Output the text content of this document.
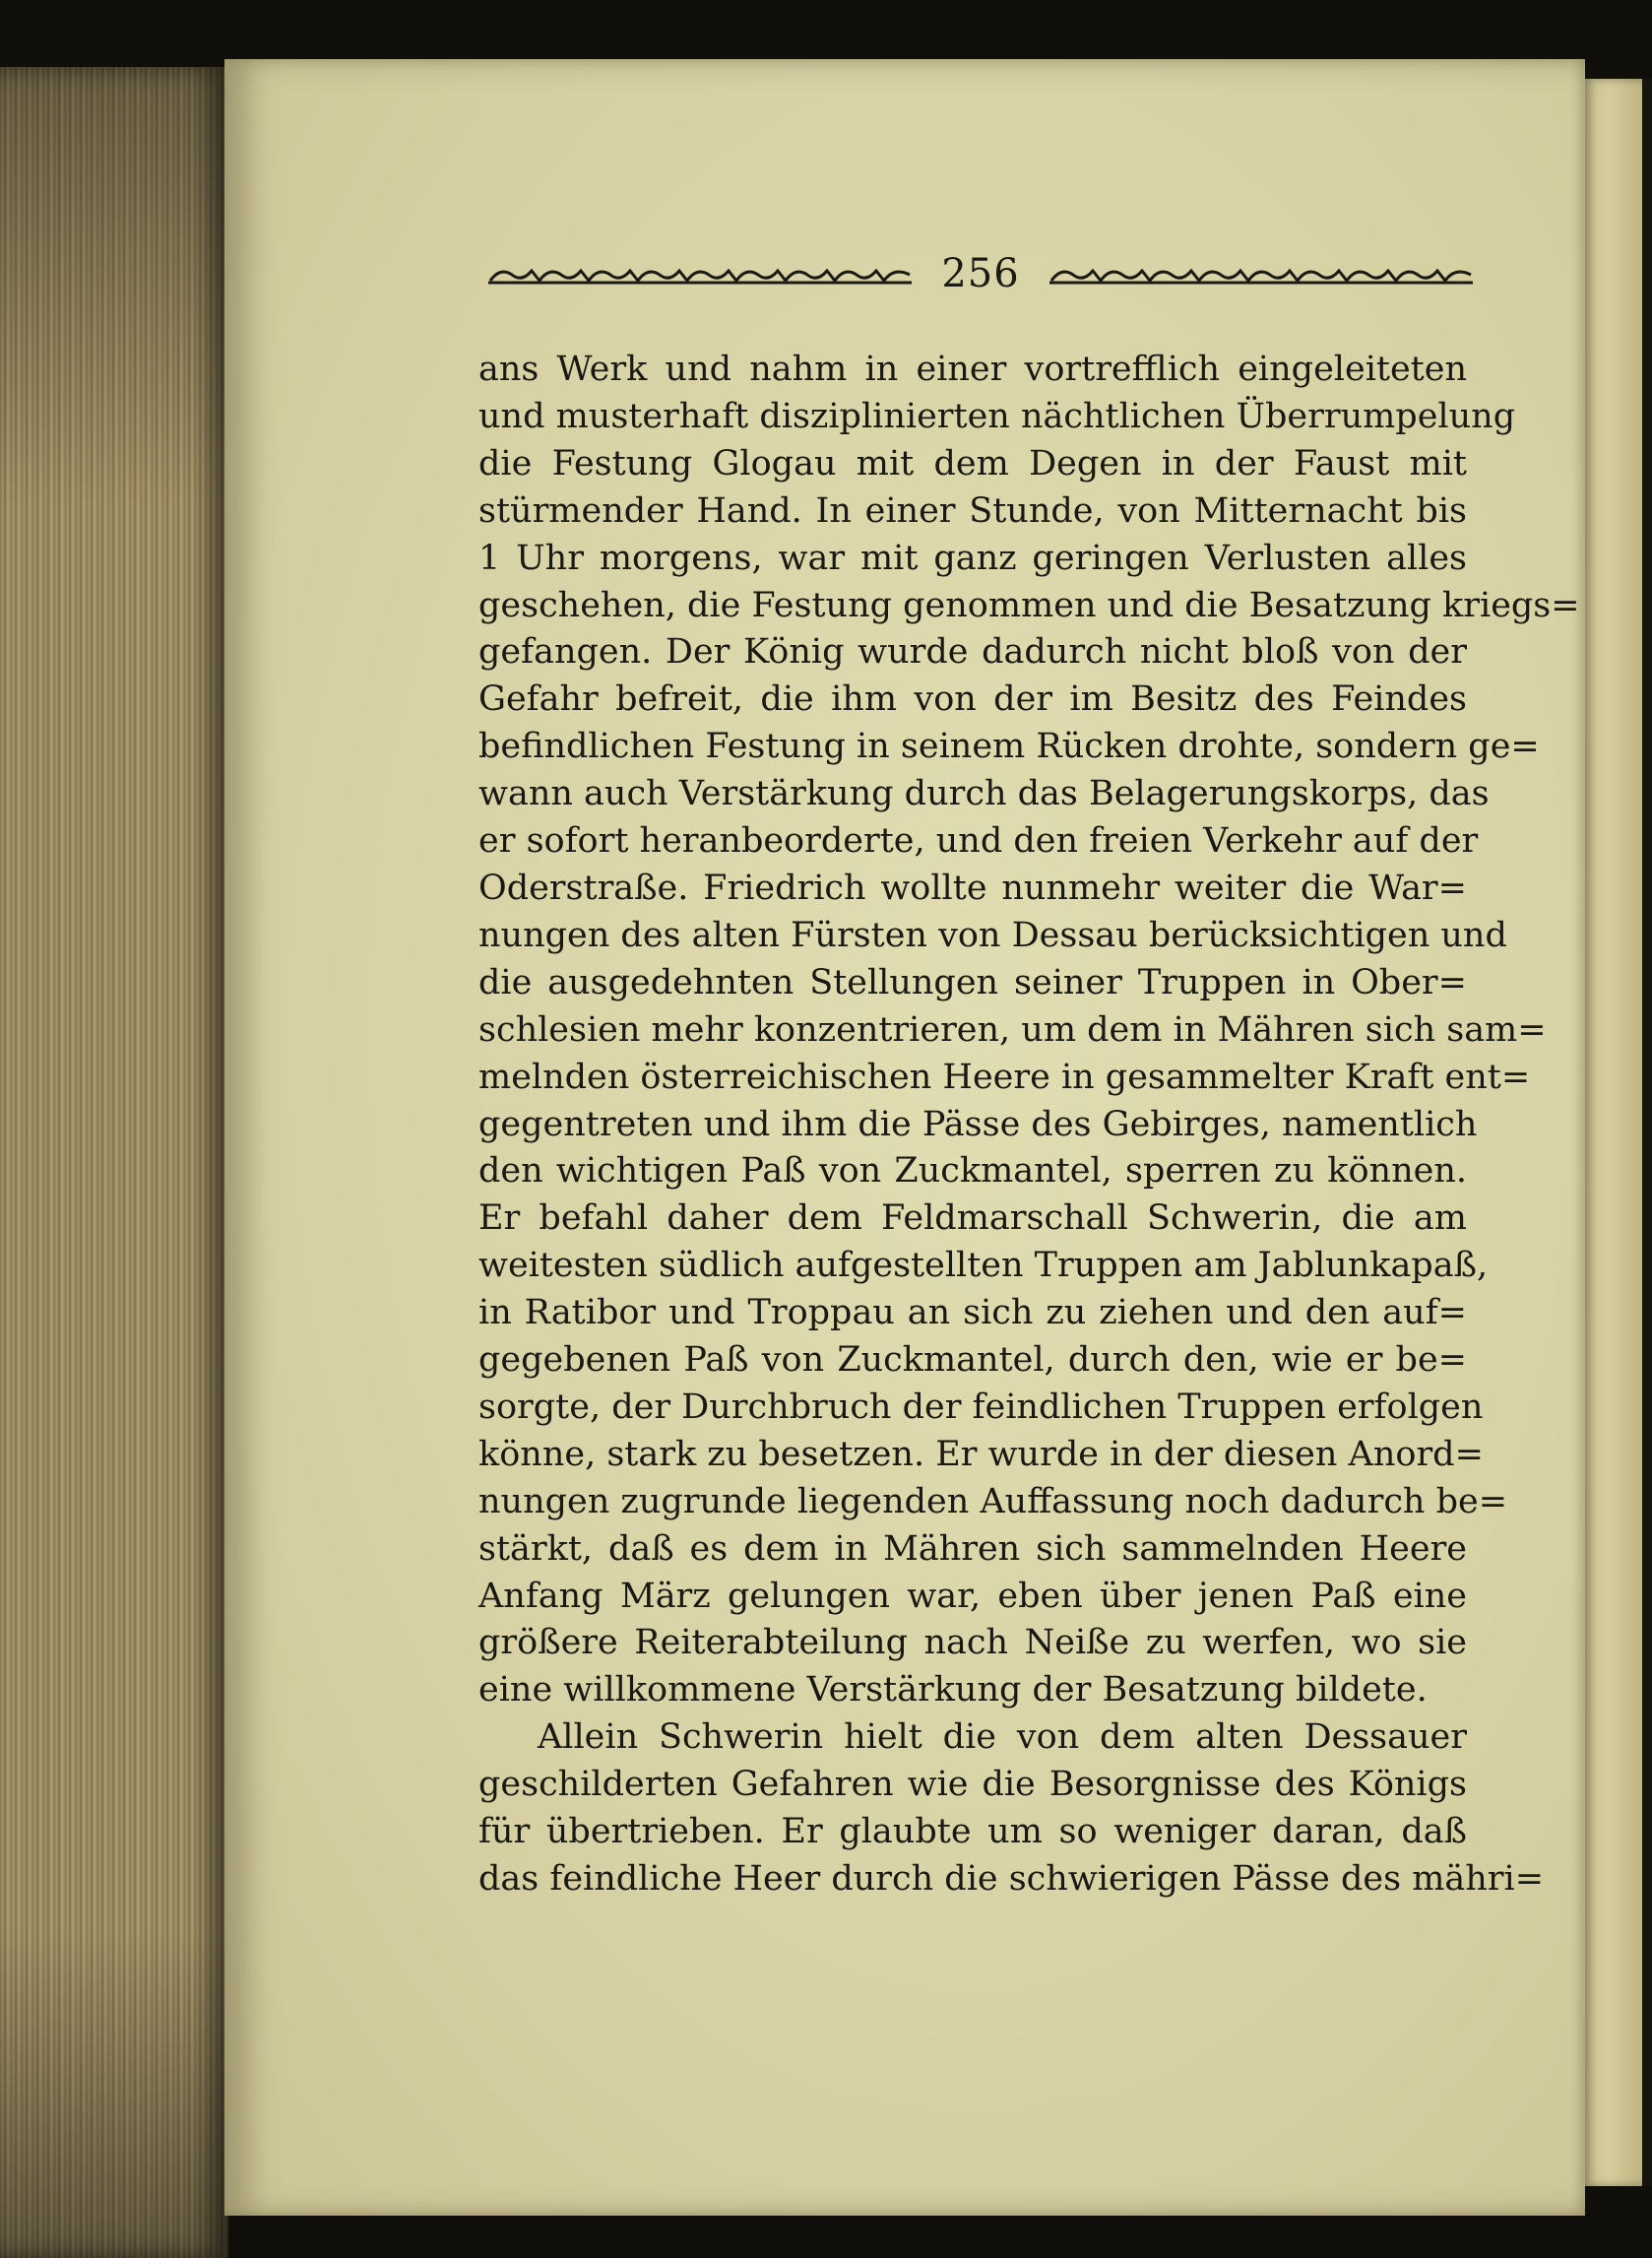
256

ans Werk und nahm in einer vortrefflich eingeleiteten
und musterhaft disziplinierten nächtlichen Überrumpelung
die Festung Glogau mit dem Degen in der Faust mit
stürmender Hand. In einer Stunde, von Mitternacht bis
1 Uhr morgens, war mit ganz geringen Verlusten alles
geschehen, die Festung genommen und die Besatzung kriegs=
gefangen. Der König wurde dadurch nicht bloß von der
Gefahr befreit, die ihm von der im Besitz des Feindes
befindlichen Festung in seinem Rücken drohte, sondern ge=
wann auch Verstärkung durch das Belagerungskorps, das
er sofort heranbeorderte, und den freien Verkehr auf der
Oderstraße. Friedrich wollte nunmehr weiter die War=
nungen des alten Fürsten von Dessau berücksichtigen und
die ausgedehnten Stellungen seiner Truppen in Ober=
schlesien mehr konzentrieren, um dem in Mähren sich sam=
melnden österreichischen Heere in gesammelter Kraft ent=
gegentreten und ihm die Pässe des Gebirges, namentlich
den wichtigen Paß von Zuckmantel, sperren zu können.
Er befahl daher dem Feldmarschall Schwerin, die am
weitesten südlich aufgestellten Truppen am Jablunkapaß,
in Ratibor und Troppau an sich zu ziehen und den auf=
gegebenen Paß von Zuckmantel, durch den, wie er be=
sorgte, der Durchbruch der feindlichen Truppen erfolgen
könne, stark zu besetzen. Er wurde in der diesen Anord=
nungen zugrunde liegenden Auffassung noch dadurch be=
stärkt, daß es dem in Mähren sich sammelnden Heere
Anfang März gelungen war, eben über jenen Paß eine
größere Reiterabteilung nach Neiße zu werfen, wo sie
eine willkommene Verstärkung der Besatzung bildete.

Allein Schwerin hielt die von dem alten Dessauer
geschilderten Gefahren wie die Besorgnisse des Königs
für übertrieben. Er glaubte um so weniger daran, daß
das feindliche Heer durch die schwierigen Pässe des mähri=
